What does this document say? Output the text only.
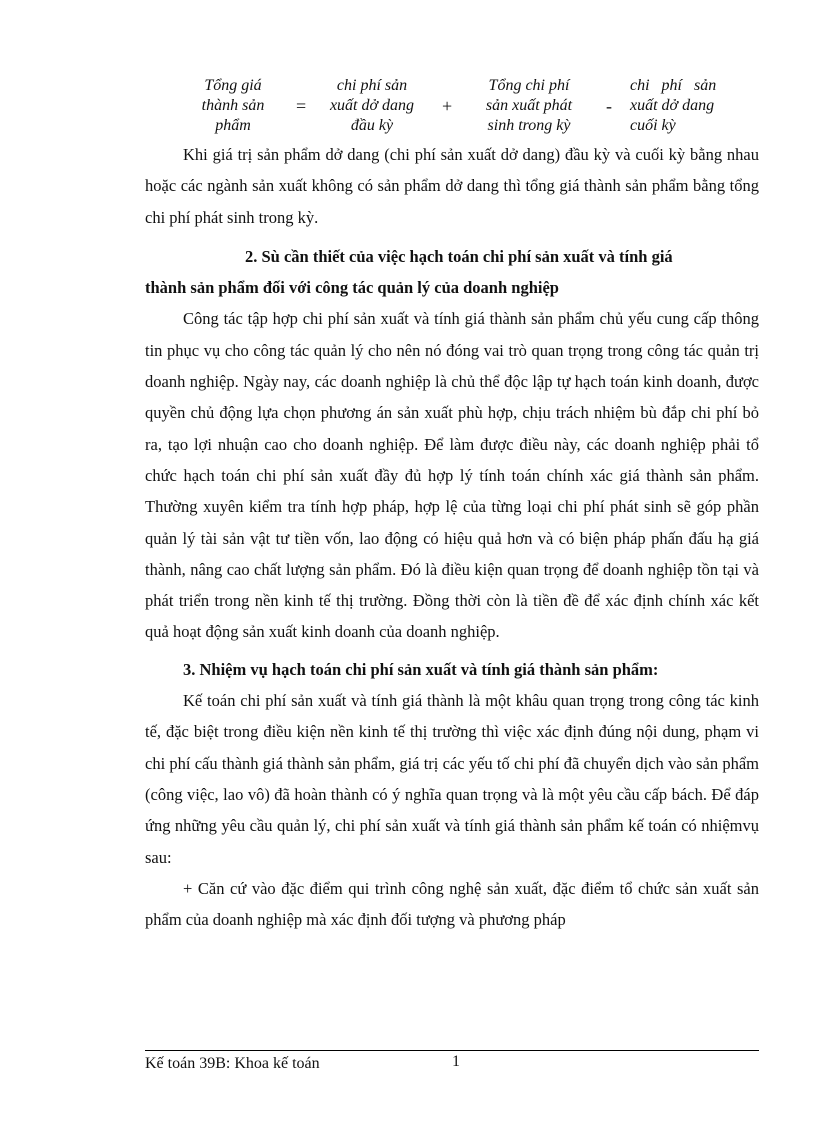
Tổng giá
thành sản
phẩm
=
chi phí sản
xuất dở dang
đầu kỳ
+
Tổng chi phí
sản xuất phát
sinh trong kỳ
-
chi   phí   sản
xuất dở dang
cuối kỳ

Khi giá trị sản phẩm dở dang (chi phí sản xuất dở dang) đầu kỳ và cuối kỳ bằng nhau hoặc các ngành sản xuất không có sản phẩm dở dang thì tổng giá thành sản phẩm bằng tổng chi phí phát sinh trong kỳ.

2. Sù cần thiết của việc hạch toán chi phí sản xuất và tính giá

thành sản phẩm đối với công tác quản lý của doanh nghiệp

Công tác tập hợp chi phí sản xuất và tính giá thành sản phẩm chủ yếu cung cấp thông tin phục vụ cho công tác quản lý cho nên nó đóng vai trò quan trọng trong công tác quản trị doanh nghiệp. Ngày nay, các doanh nghiệp là chủ thể độc lập tự hạch toán kinh doanh, được quyền chủ động lựa chọn phương án sản xuất phù hợp, chịu trách nhiệm bù đắp chi phí bỏ ra, tạo lợi nhuận cao cho doanh nghiệp. Để làm được điều này, các doanh nghiệp phải tổ chức hạch toán chi phí sản xuất đầy đủ hợp lý tính toán chính xác giá thành sản phẩm. Thường xuyên kiểm tra tính hợp pháp, hợp lệ của từng loại chi phí phát sinh sẽ góp phần quản lý tài sản vật tư tiền vốn, lao động có hiệu quả hơn và có biện pháp phấn đấu hạ giá thành, nâng cao chất lượng sản phẩm. Đó là điều kiện quan trọng để doanh nghiệp tồn tại và phát triển trong nền kinh tế thị trường. Đồng thời còn là tiền đề để xác định chính xác kết quả hoạt động sản xuất kinh doanh của doanh nghiệp.

3. Nhiệm vụ hạch toán chi phí sản xuất và tính giá thành sản phẩm:

Kế toán chi phí sản xuất và tính giá thành là một khâu quan trọng trong công tác kinh tế, đặc biệt trong điều kiện nền kinh tế thị trường thì việc xác định đúng nội dung, phạm vi chi phí cấu thành giá thành sản phẩm, giá trị các yếu tố chi phí đã chuyển dịch vào sản phẩm (công việc, lao vô) đã hoàn thành có ý nghĩa quan trọng và là một yêu cầu cấp bách. Để đáp ứng những yêu cầu quản lý, chi phí sản xuất và tính giá thành sản phẩm kế toán có nhiệmvụ sau:

+ Căn cứ vào đặc điểm qui trình công nghệ sản xuất, đặc điểm tổ chức sản xuất sản phẩm của doanh nghiệp mà xác định đối tượng và phương pháp

Kế toán 39B: Khoa kế toán	1
